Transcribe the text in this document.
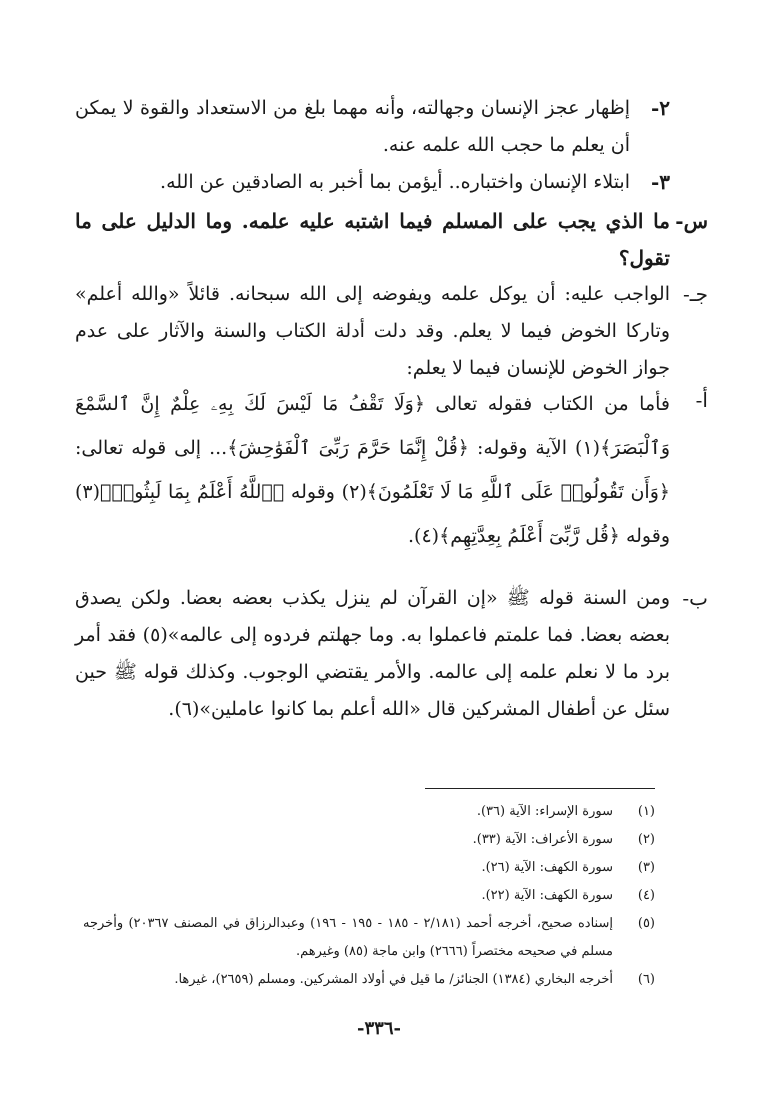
٢-
إظهار عجز الإنسان وجهالته، وأنه مهما بلغ من الاستعداد والقوة لا يمكن أن يعلم ما حجب الله علمه عنه.
٣-
ابتلاء الإنسان واختباره.. أيؤمن بما أخبر به الصادقين عن الله.
س-
ما الذي يجب على المسلم فيما اشتبه عليه علمه. وما الدليل على ما تقول؟
جـ-
الواجب عليه: أن يوكل علمه ويفوضه إلى الله سبحانه. قائلاً «والله أعلم» وتاركا الخوض فيما لا يعلم. وقد دلت أدلة الكتاب والسنة والآثار على عدم جواز الخوض للإنسان فيما لا يعلم:
أ-
فأما من الكتاب فقوله تعالى ﴿وَلَا تَقْفُ مَا لَيْسَ لَكَ بِهِۦ عِلْمٌ إِنَّ ٱلسَّمْعَ وَٱلْبَصَرَ﴾(١) الآية وقوله: ﴿قُلْ إِنَّمَا حَرَّمَ رَبِّىَ ٱلْفَوَٰحِشَ﴾... إلى قوله تعالى: ﴿وَأَن تَقُولُوا۟ عَلَى ٱللَّهِ مَا لَا تَعْلَمُونَ﴾(٢) وقوله ﴿ٱللَّهُ أَعْلَمُ بِمَا لَبِثُوا۟﴾(٣) وقوله ﴿قُل رَّبِّىٓ أَعْلَمُ بِعِدَّتِهِم﴾(٤).
ب-
ومن السنة قوله ﷺ «إن القرآن لم ينزل يكذب بعضه بعضا. ولكن يصدق بعضه بعضا. فما علمتم فاعملوا به. وما جهلتم فردوه إلى عالمه»(٥) فقد أمر برد ما لا نعلم علمه إلى عالمه. والأمر يقتضي الوجوب. وكذلك قوله ﷺ حين سئل عن أطفال المشركين قال «الله أعلم بما كانوا عاملين»(٦).
(١)
سورة الإسراء: الآية (٣٦).
(٢)
سورة الأعراف: الآية (٣٣).
(٣)
سورة الكهف: الآية (٢٦).
(٤)
سورة الكهف: الآية (٢٢).
(٥)
إسناده صحيح، أخرجه أحمد (٢/١٨١ - ١٨٥ - ١٩٥ - ١٩٦) وعبدالرزاق في المصنف ٢٠٣٦٧) وأخرجه مسلم في صحيحه مختصراً (٢٦٦٦) وابن ماجة (٨٥) وغيرهم.
(٦)
أخرجه البخاري (١٣٨٤) الجنائز/ ما قيل في أولاد المشركين. ومسلم (٢٦٥٩)، غيرها.
-٣٣٦-
